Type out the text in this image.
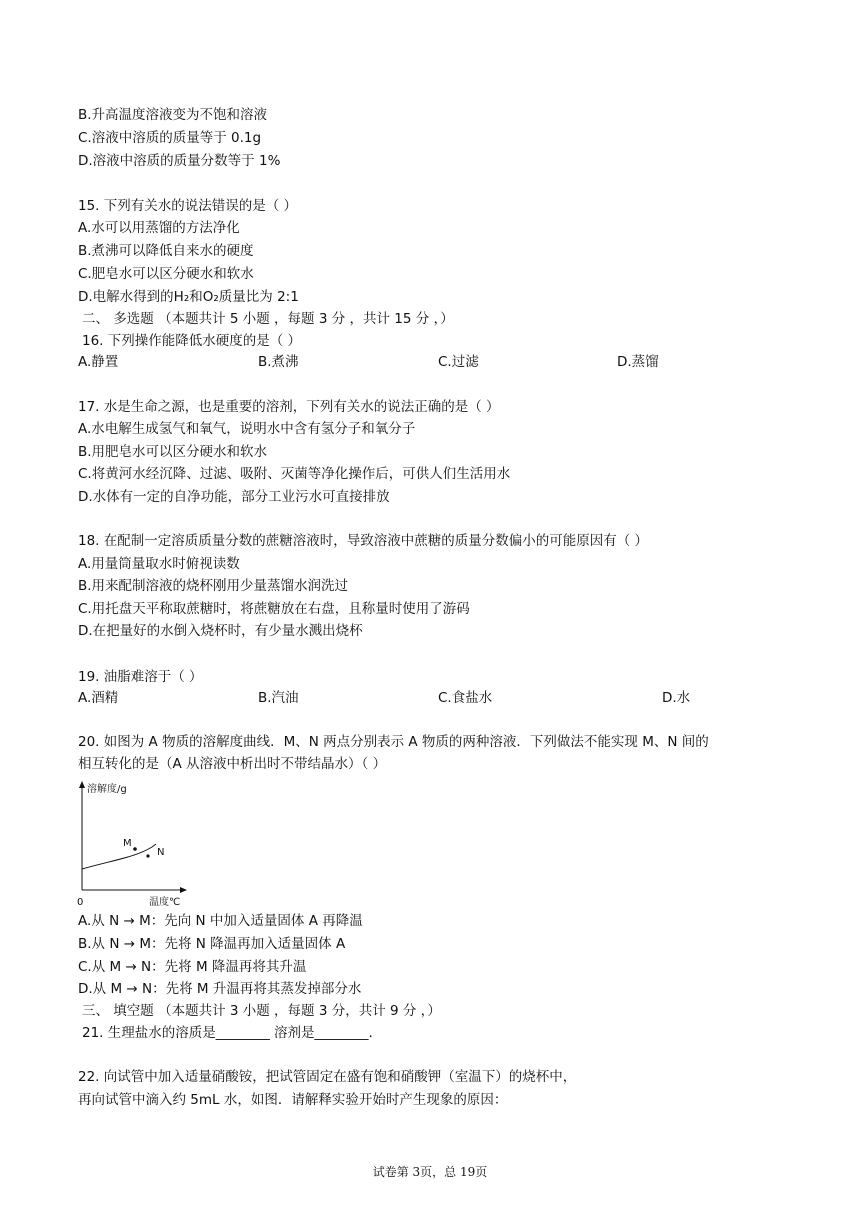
B.升高温度溶液变为不饱和溶液
C.溶液中溶质的质量等于 0.1g
D.溶液中溶质的质量分数等于 1%
15. 下列有关水的说法错误的是（ ）
A.水可以用蒸馏的方法净化
B.煮沸可以降低自来水的硬度
C.肥皂水可以区分硬水和软水
D.电解水得到的H₂和O₂质量比为 2:1
二、 多选题 （本题共计 5 小题 ，每题 3 分 ，共计 15 分 ，）
16. 下列操作能降低水硬度的是（ ）
A.静置	B.煮沸	C.过滤	D.蒸馏
17. 水是生命之源，也是重要的溶剂，下列有关水的说法正确的是（ ）
A.水电解生成氢气和氧气，说明水中含有氢分子和氧分子
B.用肥皂水可以区分硬水和软水
C.将黄河水经沉降、过滤、吸附、灭菌等净化操作后，可供人们生活用水
D.水体有一定的自净功能，部分工业污水可直接排放
18. 在配制一定溶质质量分数的蔗糖溶液时，导致溶液中蔗糖的质量分数偏小的可能原因有（ ）
A.用量筒量取水时俯视读数
B.用来配制溶液的烧杯刚用少量蒸馏水润洗过
C.用托盘天平称取蔗糖时，将蔗糖放在右盘，且称量时使用了游码
D.在把量好的水倒入烧杯时，有少量水溅出烧杯
19. 油脂难溶于（ ）
A.酒精	B.汽油	C.食盐水	D.水
20. 如图为 A 物质的溶解度曲线．M、N 两点分别表示 A 物质的两种溶液．下列做法不能实现 M、N 间的
相互转化的是（A 从溶液中析出时不带结晶水）（ ）
溶解度/g
温度℃
0
M
N
A.从 N → M：先向 N 中加入适量固体 A 再降温
B.从 N → M：先将 N 降温再加入适量固体 A
C.从 M → N：先将 M 降温再将其升温
D.从 M → N：先将 M 升温再将其蒸发掉部分水
三、 填空题 （本题共计 3 小题 ，每题 3 分，共计 9 分 ，）
21. 生理盐水的溶质是________ 溶剂是________.
22. 向试管中加入适量硝酸铵，把试管固定在盛有饱和硝酸钾（室温下）的烧杯中，
再向试管中滴入约 5mL 水，如图．请解释实验开始时产生现象的原因：
试卷第 3页，总 19页
